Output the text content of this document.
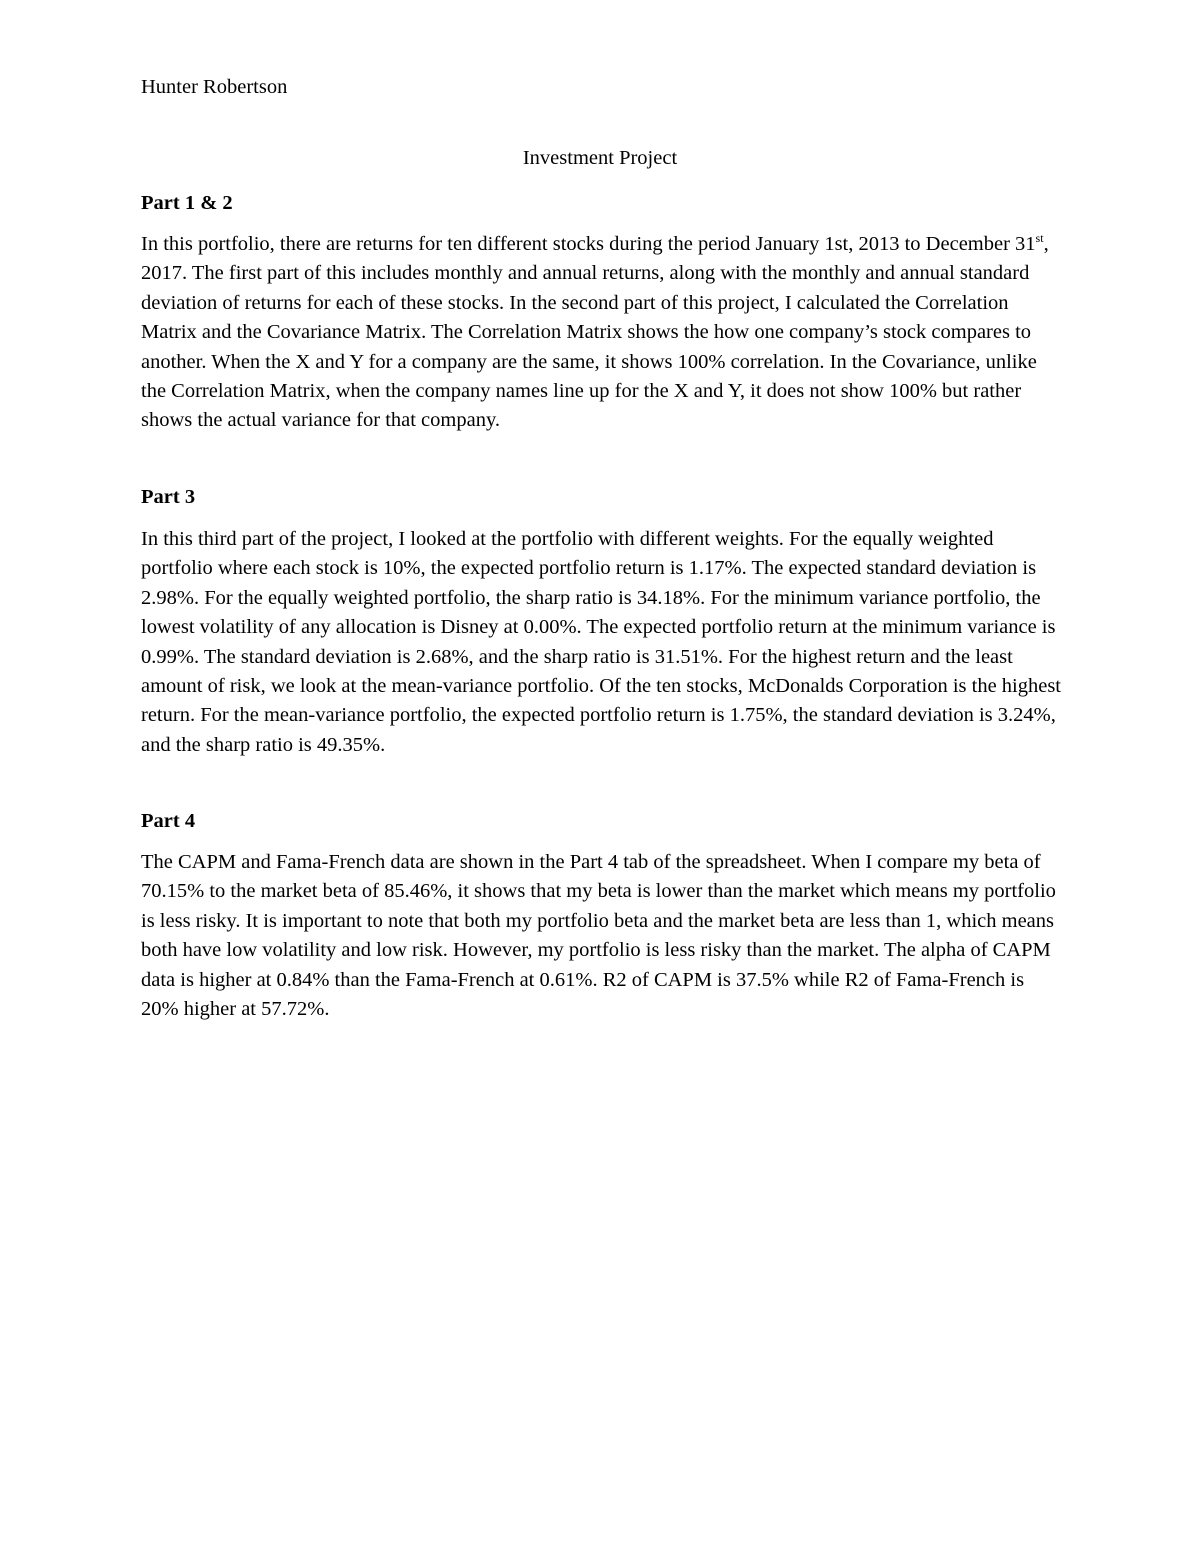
Hunter Robertson

Investment Project
Part 1 & 2

In this portfolio, there are returns for ten different stocks during the period January 1st, 2013 to December 31st, 2017. The first part of this includes monthly and annual returns, along with the monthly and annual standard deviation of returns for each of these stocks. In the second part of this project, I calculated the Correlation Matrix and the Covariance Matrix. The Correlation Matrix shows the how one company’s stock compares to another. When the X and Y for a company are the same, it shows 100% correlation. In the Covariance, unlike the Correlation Matrix, when the company names line up for the X and Y, it does not show 100% but rather shows the actual variance for that company.

Part 3

In this third part of the project, I looked at the portfolio with different weights. For the equally weighted portfolio where each stock is 10%, the expected portfolio return is 1.17%. The expected standard deviation is 2.98%. For the equally weighted portfolio, the sharp ratio is 34.18%. For the minimum variance portfolio, the lowest volatility of any allocation is Disney at 0.00%. The expected portfolio return at the minimum variance is 0.99%. The standard deviation is 2.68%, and the sharp ratio is 31.51%. For the highest return and the least amount of risk, we look at the mean-variance portfolio. Of the ten stocks, McDonalds Corporation is the highest return. For the mean-variance portfolio, the expected portfolio return is 1.75%, the standard deviation is 3.24%, and the sharp ratio is 49.35%.

Part 4

The CAPM and Fama-French data are shown in the Part 4 tab of the spreadsheet. When I compare my beta of 70.15% to the market beta of 85.46%, it shows that my beta is lower than the market which means my portfolio is less risky. It is important to note that both my portfolio beta and the market beta are less than 1, which means both have low volatility and low risk. However, my portfolio is less risky than the market. The alpha of CAPM data is higher at 0.84% than the Fama-French at 0.61%. R2 of CAPM is 37.5% while R2 of Fama-French is 20% higher at 57.72%.
